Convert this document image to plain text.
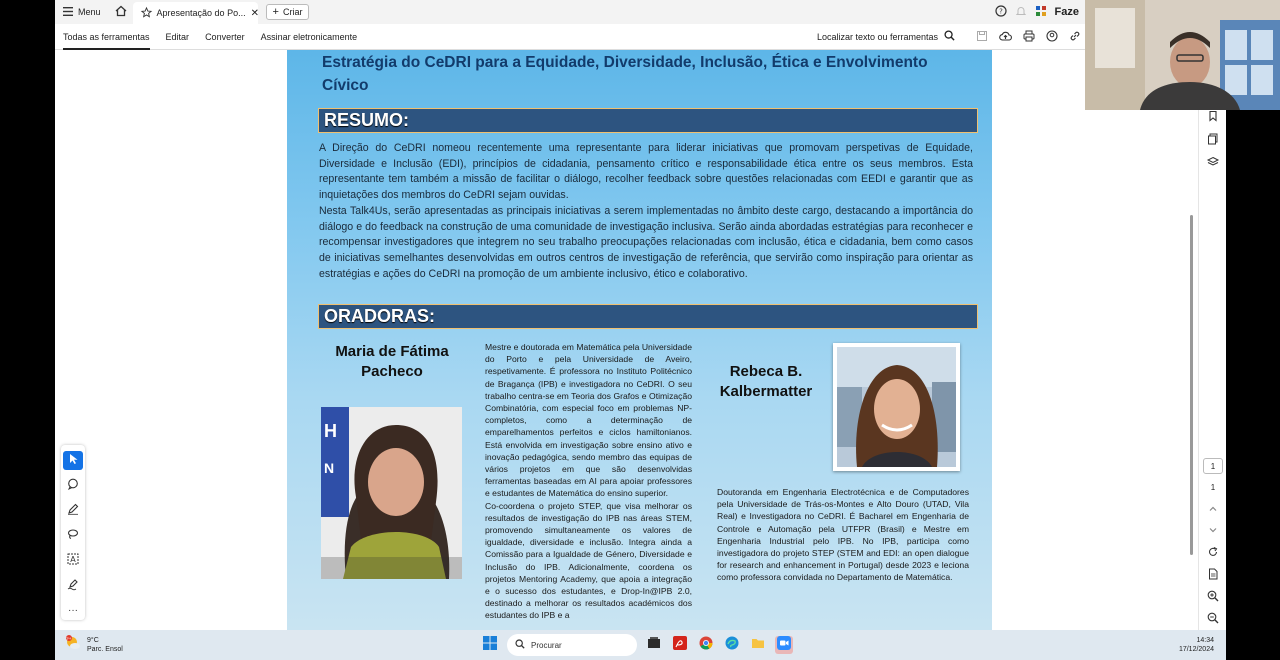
Menu	Apresentação do Po... ✕ + Criar	?	Faze
Todas as ferramentas	Editar	Converter	Assinar eletronicamente	Localizar texto ou ferramentas
Estratégia do CeDRI para a Equidade, Diversidade, Inclusão, Ética e Envolvimento Cívico
RESUMO:

A Direção do CeDRI nomeou recentemente uma representante para liderar iniciativas que promovam perspetivas de Equidade, Diversidade e Inclusão (EDI), princípios de cidadania, pensamento crítico e responsabilidade ética entre os seus membros. Esta representante tem também a missão de facilitar o diálogo, recolher feedback sobre questões relacionadas com EEDI e garantir que as inquietações dos membros do CeDRI sejam ouvidas.

Nesta Talk4Us, serão apresentadas as principais iniciativas a serem implementadas no âmbito deste cargo, destacando a importância do diálogo e do feedback na construção de uma comunidade de investigação inclusiva. Serão ainda abordadas estratégias para reconhecer e recompensar investigadores que integrem no seu trabalho preocupações relacionadas com inclusão, ética e cidadania, bem como casos de iniciativas semelhantes desenvolvidas em outros centros de investigação de referência, que servirão como inspiração para orientar as estratégias e ações do CeDRI na promoção de um ambiente inclusivo, ético e colaborativo.

ORADORAS:
Maria de Fátima Pacheco
H
N

Mestre e doutorada em Matemática pela Universidade do Porto e pela Universidade de Aveiro, respetivamente. É professora no Instituto Politécnico de Bragança (IPB) e investigadora no CeDRI. O seu trabalho centra-se em Teoria dos Grafos e Otimização Combinatória, com especial foco em problemas NP-completos, como a determinação de emparelhamentos perfeitos e ciclos hamiltonianos. Está envolvida em investigação sobre ensino ativo e inovação pedagógica, sendo membro das equipas de vários projetos em que são desenvolvidas ferramentas baseadas em AI para apoiar professores e estudantes de Matemática do ensino superior.

Co-coordena o projeto STEP, que visa melhorar os resultados de investigação do IPB nas áreas STEM, promovendo simultaneamente os valores de igualdade, diversidade e inclusão. Integra ainda a Comissão para a Igualdade de Género, Diversidade e Inclusão do IPB. Adicionalmente, coordena os projetos Mentoring Academy, que apoia a integração e o sucesso dos estudantes, e Drop-In@IPB 2.0, destinado a melhorar os resultados académicos dos estudantes do IPB e a

Rebeca B. Kalbermatter
Doutoranda em Engenharia Electrotécnica e de Computadores pela Universidade de Trás-os-Montes e Alto Douro (UTAD, Vila Real) e Investigadora no CeDRI. É Bacharel em Engenharia de Controle e Automação pela UTFPR (Brasil) e Mestre em Engenharia Industrial pelo IPB. No IPB, participa como investigadora do projeto STEP (STEM and EDI: an open dialogue for research and enhancement in Portugal) desde 2023 e leciona como professora convidada no Departamento de Matemática.
A
···
1
1
9+ 9°C
Parc. Ensol	Procurar	14:34
17/12/2024
